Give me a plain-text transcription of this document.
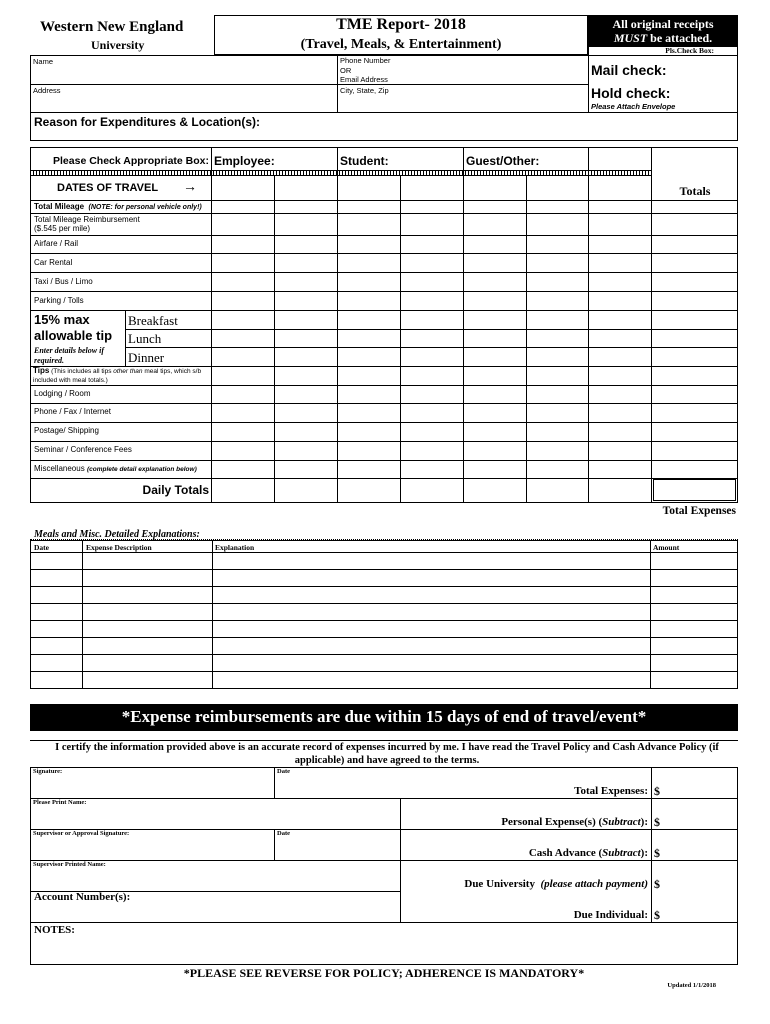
Western New England
University
TME Report- 2018
(Travel, Meals, & Entertainment)
All original receipts
MUST be attached.
Pls.Check Box:
Name	Phone Number
OR
Email Address
Address	City, State, Zip
Mail check:
Hold check:
Please Attach Envelope
Reason for Expenditures & Location(s):
Please Check Appropriate Box: Employee:	Student:	Guest/Other:
DATES OF TRAVEL →	Totals
Total Mileage (NOTE: for personal vehicle only!)
Total Mileage Reimbursement
($.545 per mile)
Airfare / Rail
Car Rental
Taxi / Bus / Limo
Parking / Tolls
15% max
allowable tip
Enter details below if required.
Breakfast
Lunch
Dinner
Tips (This includes all tips other than meal tips, which s/b included with meal totals.)
Lodging / Room
Phone / Fax / Internet
Postage/ Shipping
Seminar / Conference Fees
Miscellaneous (complete detail explanation below)
Daily Totals
Total Expenses
Meals and Misc. Detailed Explanations:
Date	Expense Description	Explanation	Amount
*Expense reimbursements are due within 15 days of end of travel/event*
I certify the information provided above is an accurate record of expenses incurred by me. I have read the Travel Policy and Cash Advance Policy (if applicable) and have agreed to the terms.
Signature:	Date
Please Print Name:
Supervisor or Approval Signature:	Date
Supervisor Printed Name:
Account Number(s):
NOTES:
Total Expenses: $
Personal Expense(s) (Subtract): $
Cash Advance (Subtract): $
Due University (please attach payment) $
Due Individual: $
*PLEASE SEE REVERSE FOR POLICY; ADHERENCE IS MANDATORY*
Updated 1/1/2018
